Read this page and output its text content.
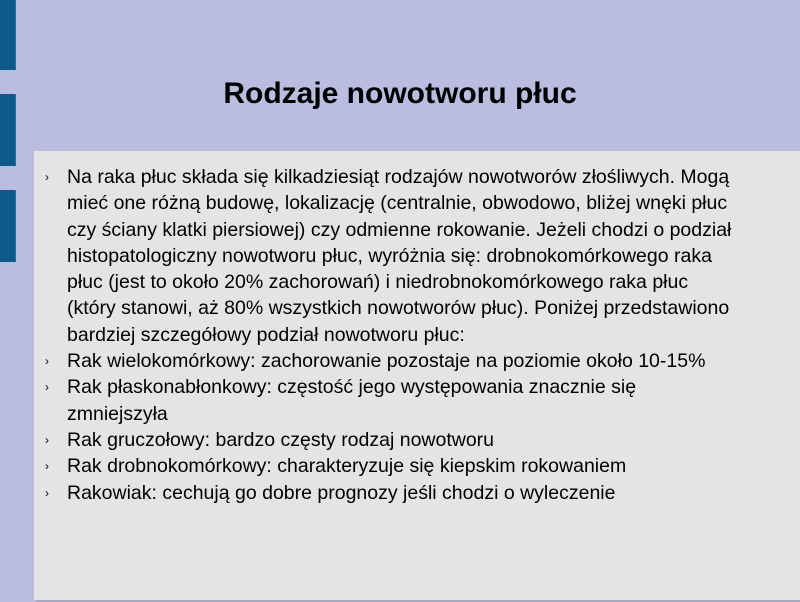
Rodzaje nowotworu płuc
› Na raka płuc składa się kilkadziesiąt rodzajów nowotworów złośliwych. Mogą mieć one różną budowę, lokalizację (centralnie, obwodowo, bliżej wnęki płuc czy ściany klatki piersiowej) czy odmienne rokowanie. Jeżeli chodzi o podział histopatologiczny nowotworu płuc, wyróżnia się: drobnokomórkowego raka płuc (jest to około 20% zachorowań) i niedrobnokomórkowego raka płuc (który stanowi, aż 80% wszystkich nowotworów płuc). Poniżej przedstawiono bardziej szczegółowy podział nowotworu płuc:
› Rak wielokomórkowy: zachorowanie pozostaje na poziomie około 10-15%
› Rak płaskonabłonkowy: częstość jego występowania znacznie się zmniejszyła
› Rak gruczołowy: bardzo częsty rodzaj nowotworu
› Rak drobnokomórkowy: charakteryzuje się kiepskim rokowaniem
› Rakowiak: cechują go dobre prognozy jeśli chodzi o wyleczenie
